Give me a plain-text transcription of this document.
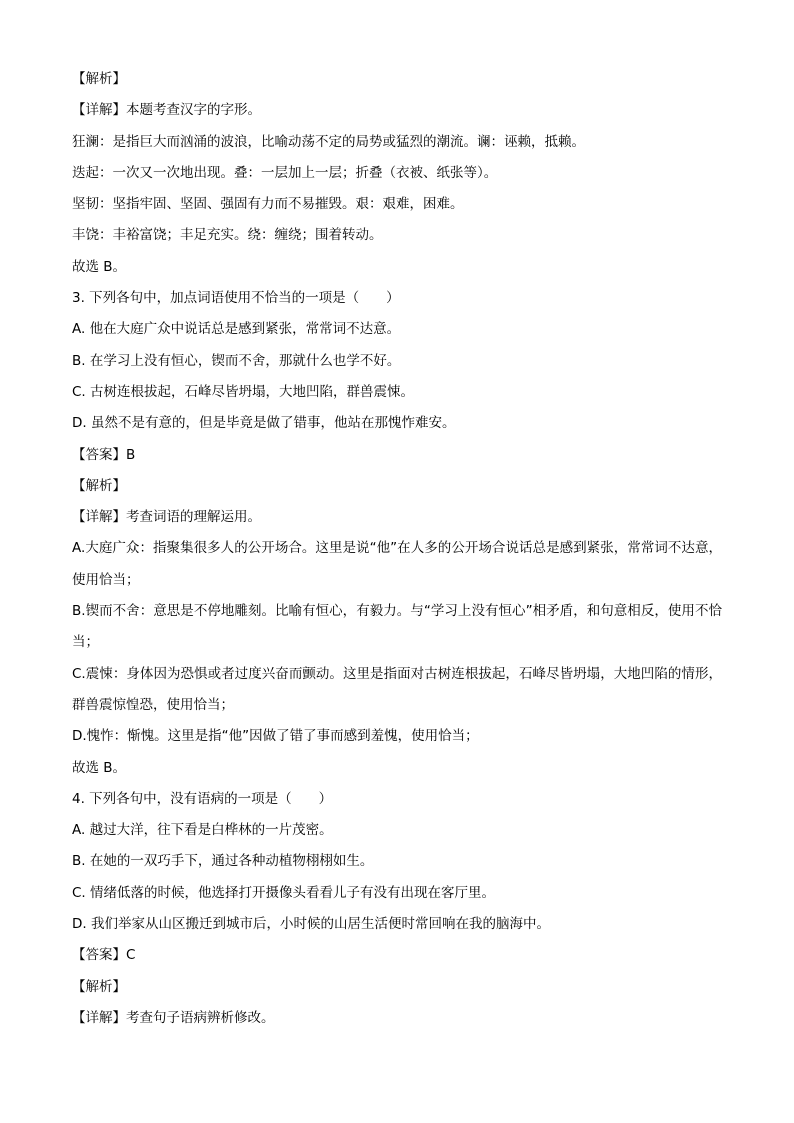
【解析】
【详解】本题考查汉字的字形。
狂澜：是指巨大而汹涌的波浪，比喻动荡不定的局势或猛烈的潮流。谰：诬赖，抵赖。
迭起：一次又一次地出现。叠：一层加上一层；折叠（衣被、纸张等）。
坚韧：坚指牢固、坚固、强固有力而不易摧毁。艰：艰难，困难。
丰饶：丰裕富饶；丰足充实。绕：缠绕；围着转动。
故选 B。
3. 下列各句中，加点词语使用不恰当的一项是（　　）
A. 他在大庭广众中说话总是感到紧张，常常词不达意。
B. 在学习上没有恒心，锲而不舍，那就什么也学不好。
C. 古树连根拔起，石峰尽皆坍塌，大地凹陷，群兽震悚。
D. 虽然不是有意的，但是毕竟是做了错事，他站在那愧怍难安。
【答案】B
【解析】
【详解】考查词语的理解运用。
A.大庭广众：指聚集很多人的公开场合。这里是说“他”在人多的公开场合说话总是感到紧张，常常词不达意，使用恰当；
B.锲而不舍：意思是不停地雕刻。比喻有恒心，有毅力。与“学习上没有恒心”相矛盾，和句意相反，使用不恰当；
C.震悚：身体因为恐惧或者过度兴奋而颤动。这里是指面对古树连根拔起，石峰尽皆坍塌，大地凹陷的情形，群兽震惊惶恐，使用恰当；
D.愧怍：惭愧。这里是指“他”因做了错了事而感到羞愧，使用恰当；
故选 B。
4. 下列各句中，没有语病的一项是（　　）
A. 越过大洋，往下看是白桦林的一片茂密。
B. 在她的一双巧手下，通过各种动植物栩栩如生。
C. 情绪低落的时候，他选择打开摄像头看看儿子有没有出现在客厅里。
D. 我们举家从山区搬迁到城市后，小时候的山居生活便时常回响在我的脑海中。
【答案】C
【解析】
【详解】考查句子语病辨析修改。
